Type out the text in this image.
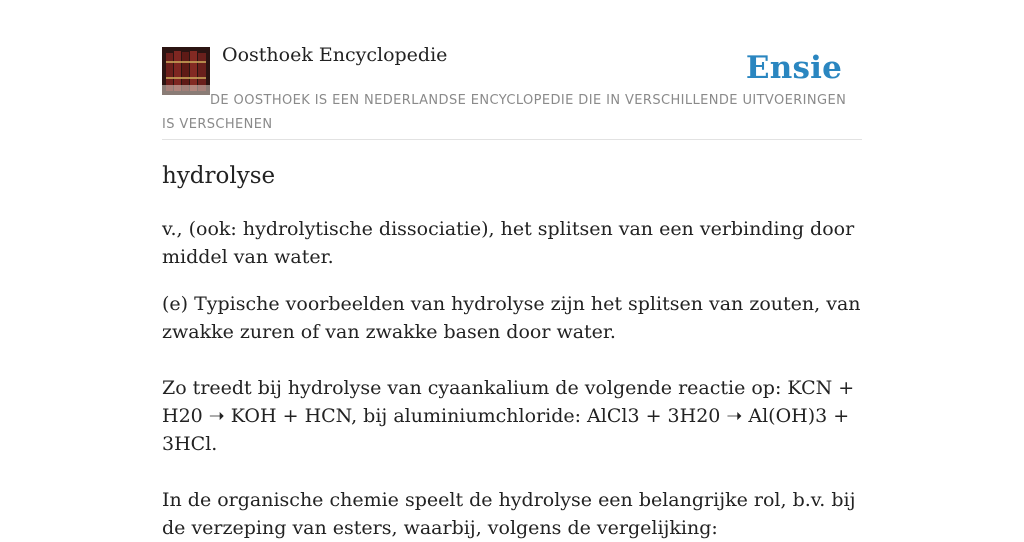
Oosthoek Encyclopedie	Ensie
DE OOSTHOEK IS EEN NEDERLANDSE ENCYCLOPEDIE DIE IN VERSCHILLENDE UITVOERINGEN IS VERSCHENEN
hydrolyse

v., (ook: hydrolytische dissociatie), het splitsen van een verbinding door middel van water.

(e) Typische voorbeelden van hydrolyse zijn het splitsen van zouten, van zwakke zuren of van zwakke basen door water.

Zo treedt bij hydrolyse van cyaankalium de volgende reactie op: KCN + H20 ➝ KOH + HCN, bij aluminiumchloride: AlCl3 + 3H20 ➝ Al(OH)3 + 3HCl.

In de organische chemie speelt de hydrolyse een belangrijke rol, b.v. bij de verzeping van esters, waarbij, volgens de vergelijking:
